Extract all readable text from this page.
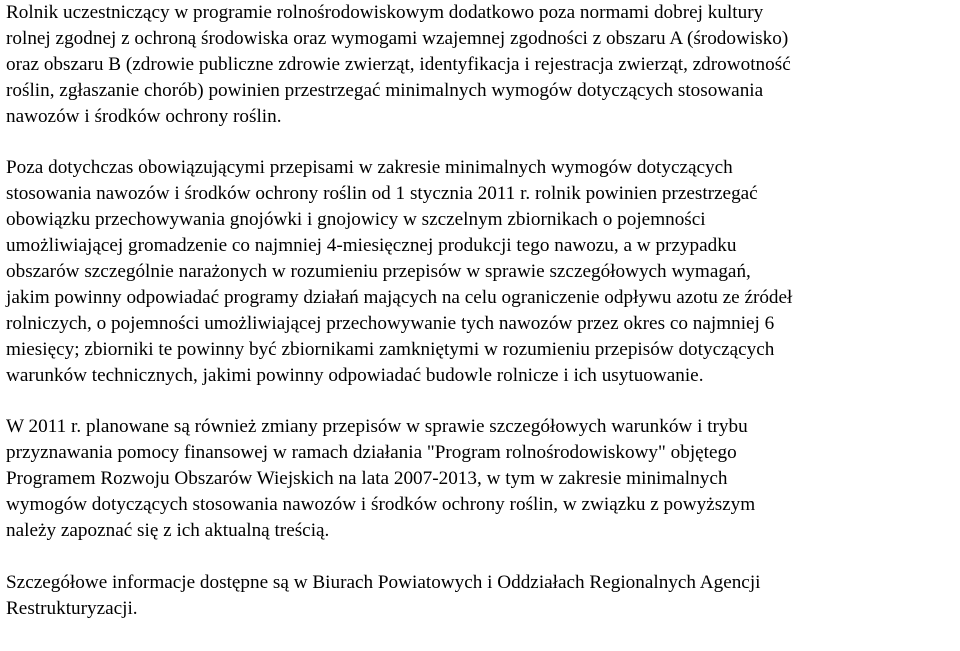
Rolnik uczestniczący w programie rolnośrodowiskowym dodatkowo poza normami dobrej kultury
rolnej zgodnej z ochroną środowiska oraz wymogami wzajemnej zgodności z obszaru A (środowisko)
oraz obszaru B (zdrowie publiczne zdrowie zwierząt, identyfikacja i rejestracja zwierząt, zdrowotność
roślin, zgłaszanie chorób) powinien przestrzegać minimalnych wymogów dotyczących stosowania
nawozów i środków ochrony roślin.

Poza dotychczas obowiązującymi przepisami w zakresie minimalnych wymogów dotyczących
stosowania nawozów i środków ochrony roślin od 1 stycznia 2011 r. rolnik powinien przestrzegać
obowiązku przechowywania gnojówki i gnojowicy w szczelnym zbiornikach o pojemności
umożliwiającej gromadzenie co najmniej 4-miesięcznej produkcji tego nawozu, a w przypadku
obszarów szczególnie narażonych w rozumieniu przepisów w sprawie szczegółowych wymagań,
jakim powinny odpowiadać programy działań mających na celu ograniczenie odpływu azotu ze źródeł
rolniczych, o pojemności umożliwiającej przechowywanie tych nawozów przez okres co najmniej 6
miesięcy; zbiorniki te powinny być zbiornikami zamkniętymi w rozumieniu przepisów dotyczących
warunków technicznych, jakimi powinny odpowiadać budowle rolnicze i ich usytuowanie.

W 2011 r. planowane są również zmiany przepisów w sprawie szczegółowych warunków i trybu
przyznawania pomocy finansowej w ramach działania "Program rolnośrodowiskowy" objętego
Programem Rozwoju Obszarów Wiejskich na lata 2007-2013, w tym w zakresie minimalnych
wymogów dotyczących stosowania nawozów i środków ochrony roślin, w związku z powyższym
należy zapoznać się z ich aktualną treścią.

Szczegółowe informacje dostępne są w Biurach Powiatowych i Oddziałach Regionalnych Agencji
Restrukturyzacji.
